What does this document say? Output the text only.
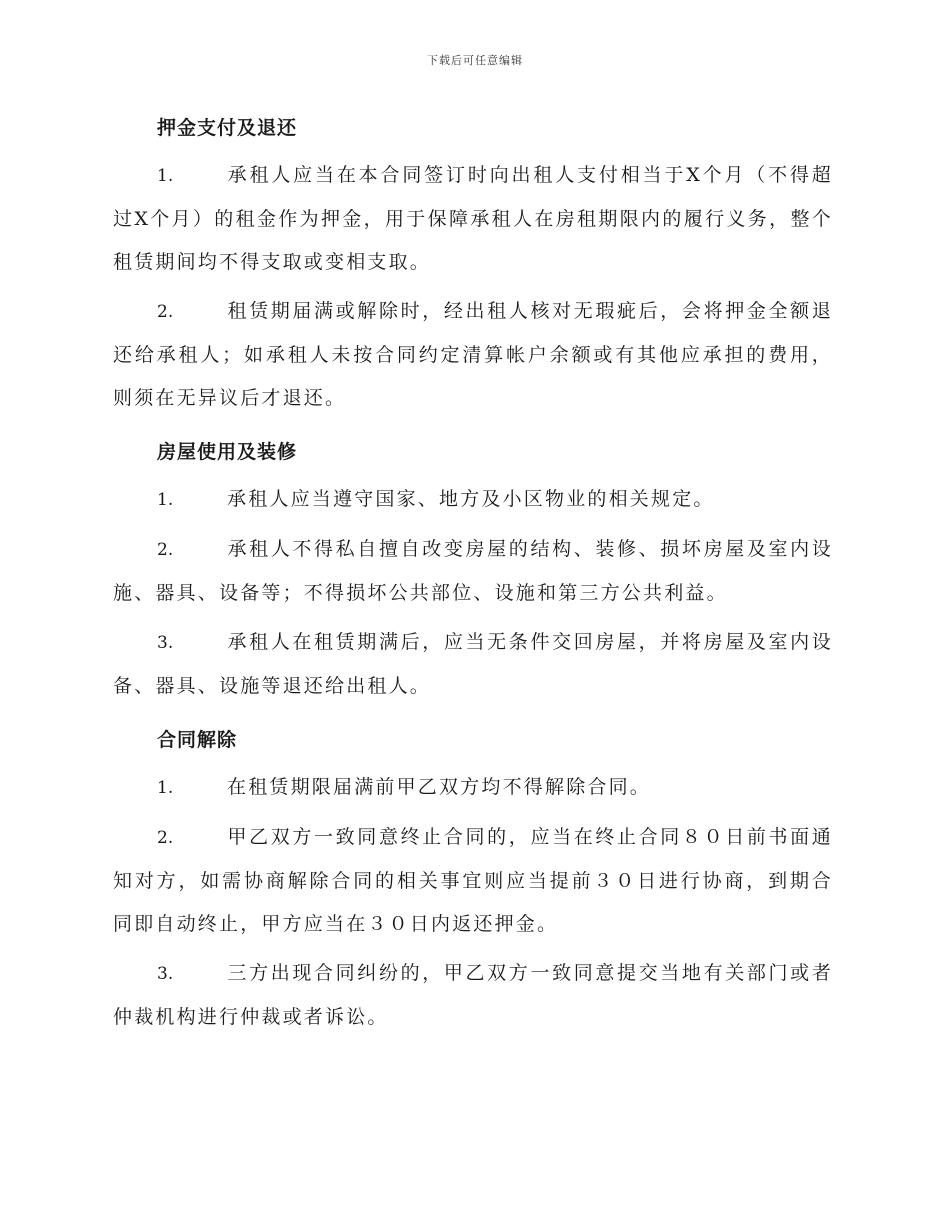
下载后可任意编辑
押金支付及退还

1.	承租人应当在本合同签订时向出租人支付相当于X个月（不得超过X个月）的租金作为押金，用于保障承租人在房租期限内的履行义务，整个租赁期间均不得支取或变相支取。

2.	租赁期届满或解除时，经出租人核对无瑕疵后，会将押金全额退还给承租人；如承租人未按合同约定清算帐户余额或有其他应承担的费用，则须在无异议后才退还。

房屋使用及装修

1.	承租人应当遵守国家、地方及小区物业的相关规定。

2.	承租人不得私自擅自改变房屋的结构、装修、损坏房屋及室内设施、器具、设备等；不得损坏公共部位、设施和第三方公共利益。

3.	承租人在租赁期满后，应当无条件交回房屋，并将房屋及室内设备、器具、设施等退还给出租人。

合同解除

1.	在租赁期限届满前甲乙双方均不得解除合同。

2.	甲乙双方一致同意终止合同的，应当在终止合同８０日前书面通知对方，如需协商解除合同的相关事宜则应当提前３０日进行协商，到期合同即自动终止，甲方应当在３０日内返还押金。

3.	三方出现合同纠纷的，甲乙双方一致同意提交当地有关部门或者仲裁机构进行仲裁或者诉讼。
